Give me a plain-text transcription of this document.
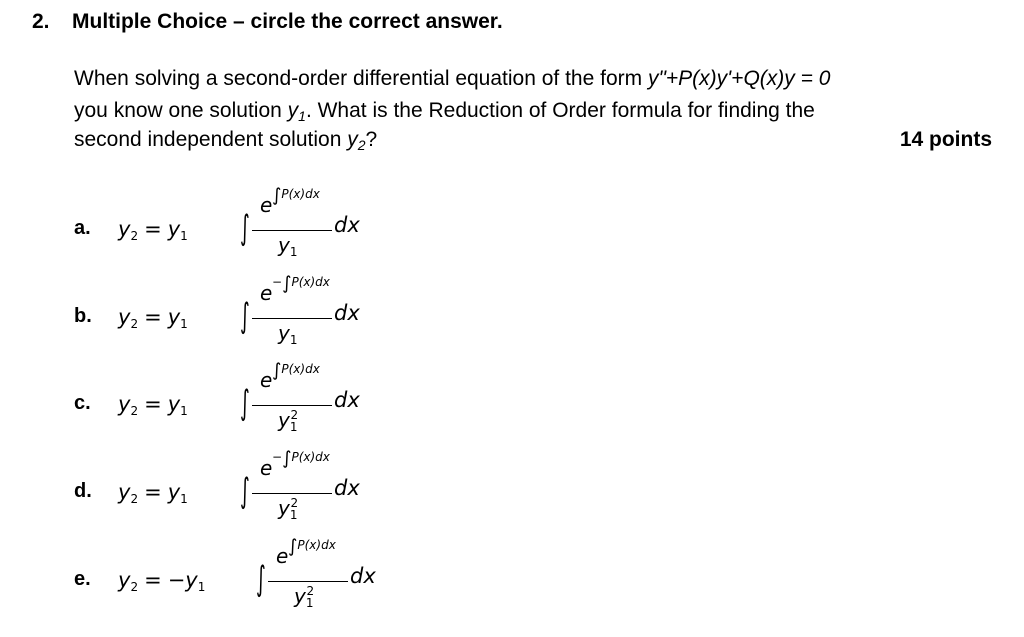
2. Multiple Choice – circle the correct answer.
When solving a second-order differential equation of the form y"+P(x)y'+Q(x)y = 0
you know one solution $y_1$. What is the Reduction of Order formula for finding the
second independent solution $y_2$?	14 points
a. y2 = y1 ∫
e ∫P(x)dx
$y_1$
dx
b. y2 = y1 ∫
e −∫P(x)dx
$y_1$
dx
c. y2 = y1 ∫
e ∫P(x)dx
$y_1^2$
dx
d. y2 = y1 ∫
e −∫P(x)dx
$y_1^2$
dx
e. y2 = −y1 ∫
e ∫P(x)dx
$y_1^2$
dx
